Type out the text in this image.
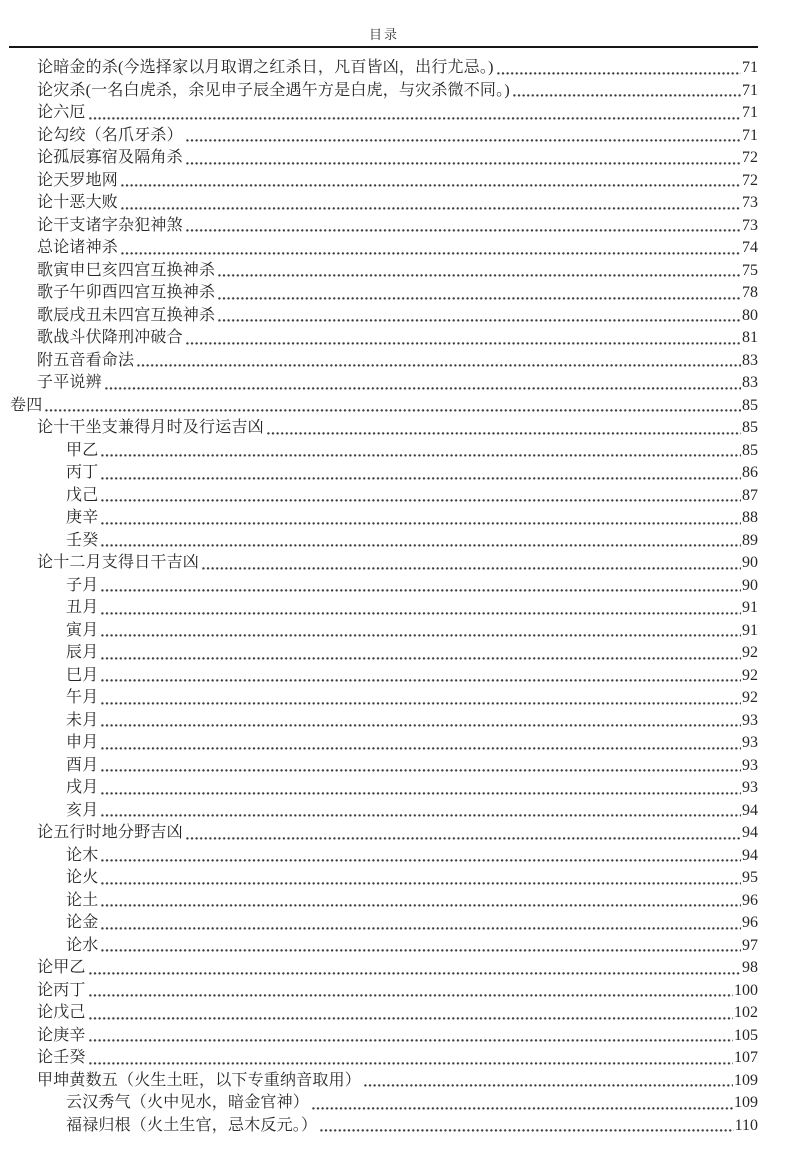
目录
论暗金的杀(今选择家以月取谓之红杀日，凡百皆凶，出行尤忌。)	71
论灾杀(一名白虎杀，余见申子辰全遇午方是白虎，与灾杀微不同。)	71
论六厄	71
论勾绞（名爪牙杀）	71
论孤辰寡宿及隔角杀	72
论天罗地网	72
论十恶大败	73
论干支诸字杂犯神煞	73
总论诸神杀	74
歌寅申巳亥四宫互换神杀	75
歌子午卯酉四宫互换神杀	78
歌辰戌丑未四宫互换神杀	80
歌战斗伏降刑冲破合	81
附五音看命法	83
子平说辨	83
卷四	85
论十干坐支兼得月时及行运吉凶	85
甲乙	85
丙丁	86
戊己	87
庚辛	88
壬癸	89
论十二月支得日干吉凶	90
子月	90
丑月	91
寅月	91
辰月	92
巳月	92
午月	92
未月	93
申月	93
酉月	93
戌月	93
亥月	94
论五行时地分野吉凶	94
论木	94
论火	95
论土	96
论金	96
论水	97
论甲乙	98
论丙丁	100
论戊己	102
论庚辛	105
论壬癸	107
甲坤黄数五（火生土旺，以下专重纳音取用）	109
云汉秀气（火中见水，暗金官神）	109
福禄归根（火土生官，忌木反元。）	110
